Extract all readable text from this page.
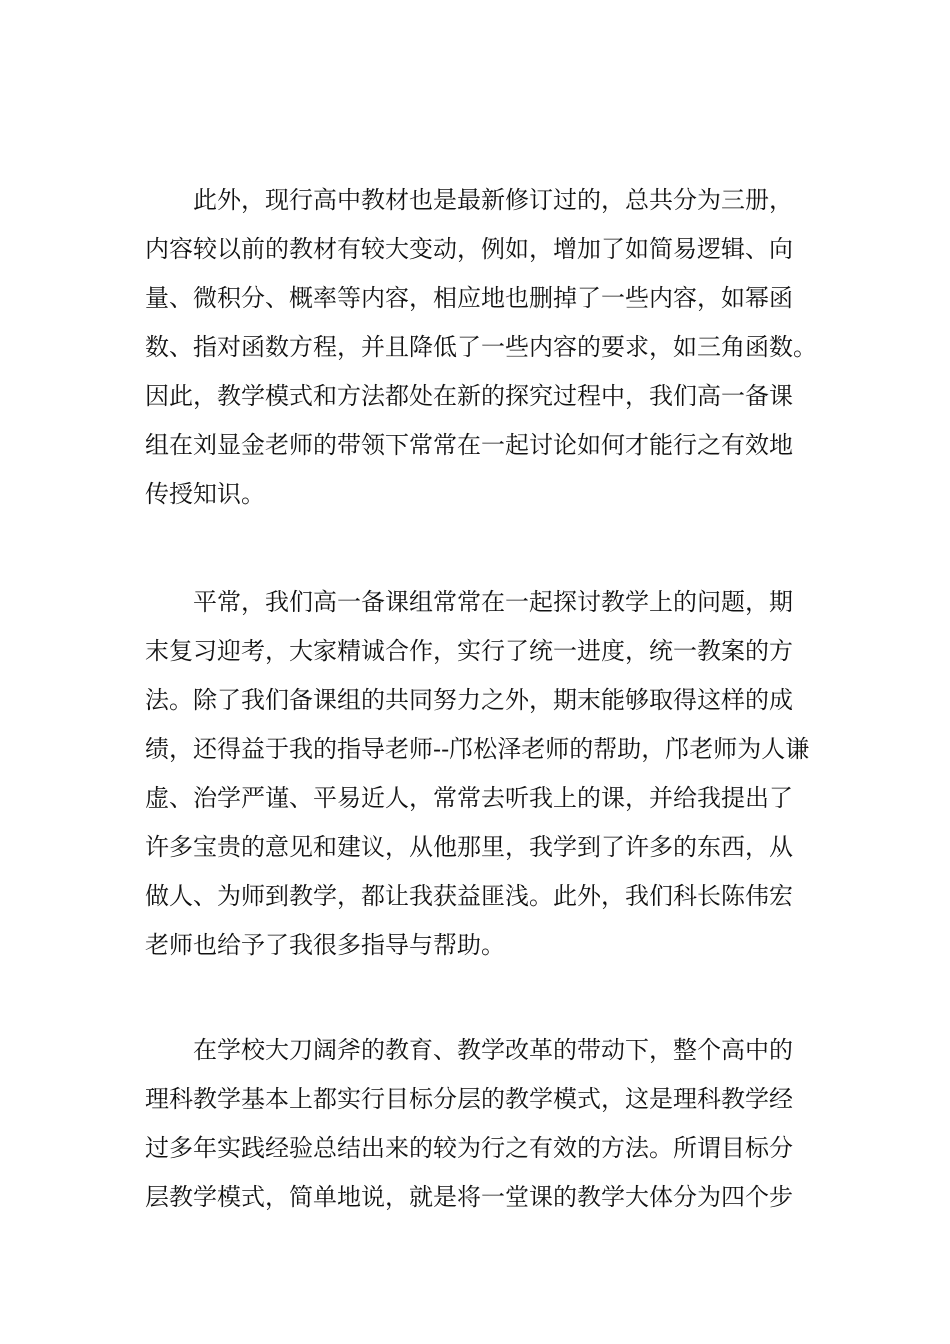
此外，现行高中教材也是最新修订过的，总共分为三册，
内容较以前的教材有较大变动，例如，增加了如简易逻辑、向
量、微积分、概率等内容，相应地也删掉了一些内容，如幂函
数、指对函数方程，并且降低了一些内容的要求，如三角函数。
因此，教学模式和方法都处在新的探究过程中，我们高一备课
组在刘显金老师的带领下常常在一起讨论如何才能行之有效地
传授知识。
平常，我们高一备课组常常在一起探讨教学上的问题，期
末复习迎考，大家精诚合作，实行了统一进度，统一教案的方
法。除了我们备课组的共同努力之外，期末能够取得这样的成
绩，还得益于我的指导老师--邝松泽老师的帮助，邝老师为人谦
虚、治学严谨、平易近人，常常去听我上的课，并给我提出了
许多宝贵的意见和建议，从他那里，我学到了许多的东西，从
做人、为师到教学，都让我获益匪浅。此外，我们科长陈伟宏
老师也给予了我很多指导与帮助。
在学校大刀阔斧的教育、教学改革的带动下，整个高中的
理科教学基本上都实行目标分层的教学模式，这是理科教学经
过多年实践经验总结出来的较为行之有效的方法。所谓目标分
层教学模式，简单地说，就是将一堂课的教学大体分为四个步
